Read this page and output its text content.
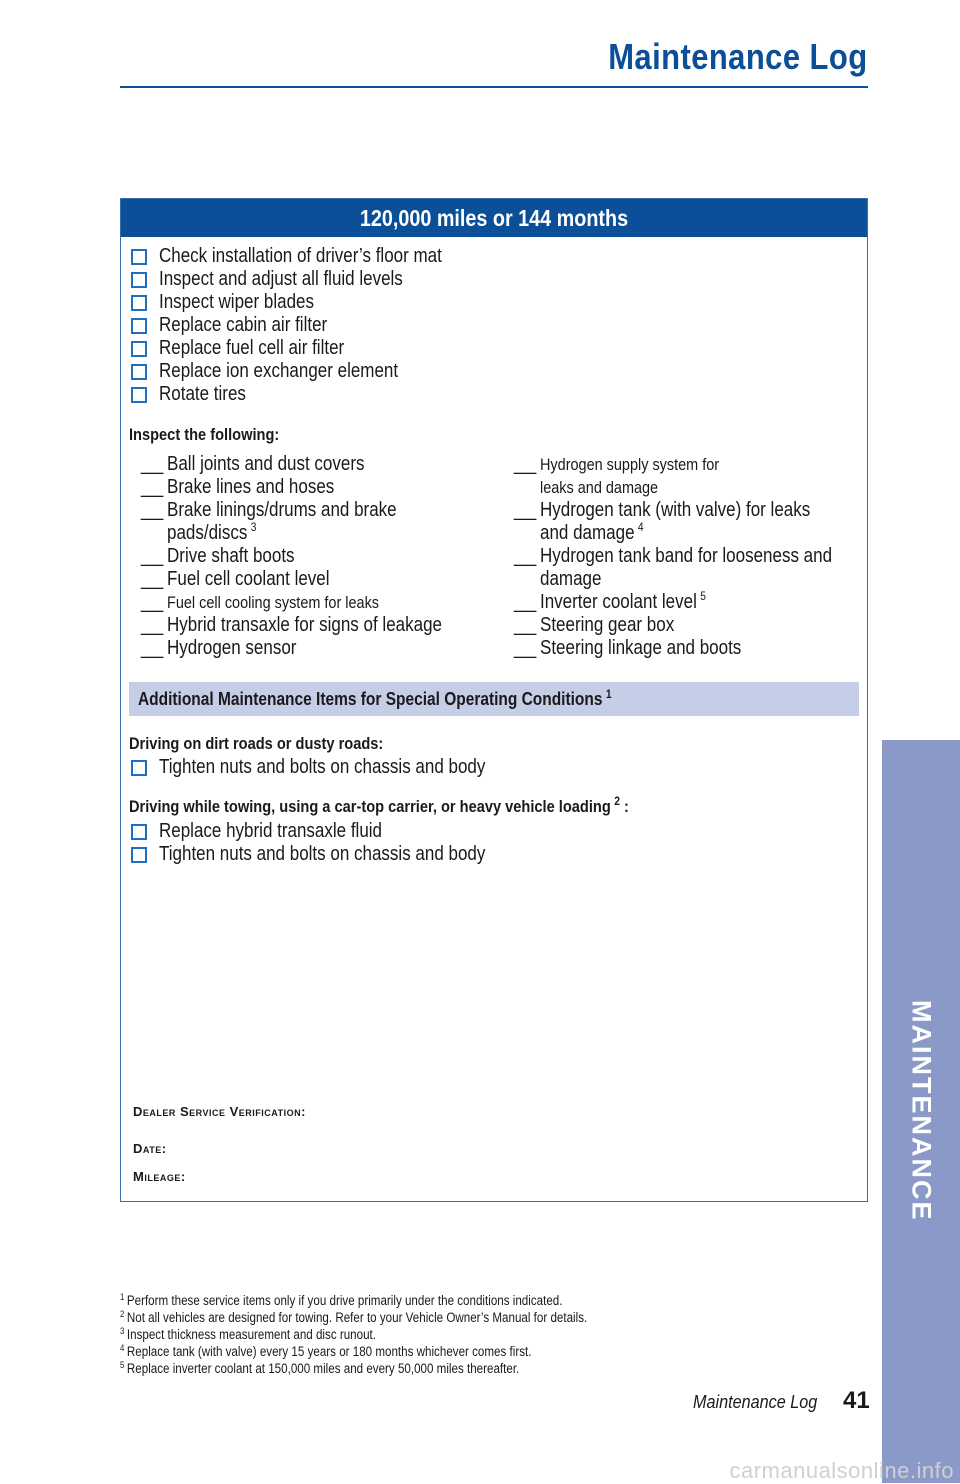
Maintenance Log
120,000 miles or 144 months
Check installation of driver’s floor mat
Inspect and adjust all fluid levels
Inspect wiper blades
Replace cabin air filter
Replace fuel cell air filter
Replace ion exchanger element
Rotate tires
Inspect the following:
__ Ball joints and dust covers
__ Brake lines and hoses
__ Brake linings/drums and brake
pads/discs $^3$
__ Drive shaft boots
__ Fuel cell coolant level
__ Fuel cell cooling system for leaks
__ Hybrid transaxle for signs of leakage
__ Hydrogen sensor
__ Hydrogen supply system for
leaks and damage
__ Hydrogen tank (with valve) for leaks
and damage $^4$
__ Hydrogen tank band for looseness and
damage
__ Inverter coolant level $^5$
__ Steering gear box
__ Steering linkage and boots
Additional Maintenance Items for Special Operating Conditions $^1$
Driving on dirt roads or dusty roads:
Tighten nuts and bolts on chassis and body
Driving while towing, using a car-top carrier, or heavy vehicle loading $^2$ :
Replace hybrid transaxle fluid
Tighten nuts and bolts on chassis and body
Dealer Service Verification:
Date:
Mileage:
$^1$ Perform these service items only if you drive primarily under the conditions indicated.
$^2$ Not all vehicles are designed for towing. Refer to your Vehicle Owner’s Manual for details.
$^3$ Inspect thickness measurement and disc runout.
$^4$ Replace tank (with valve) every 15 years or 180 months whichever comes first.
$^5$ Replace inverter coolant at 150,000 miles and every 50,000 miles thereafter.
MAINTENANCE
Maintenance Log 41
carmanualsonline.info
